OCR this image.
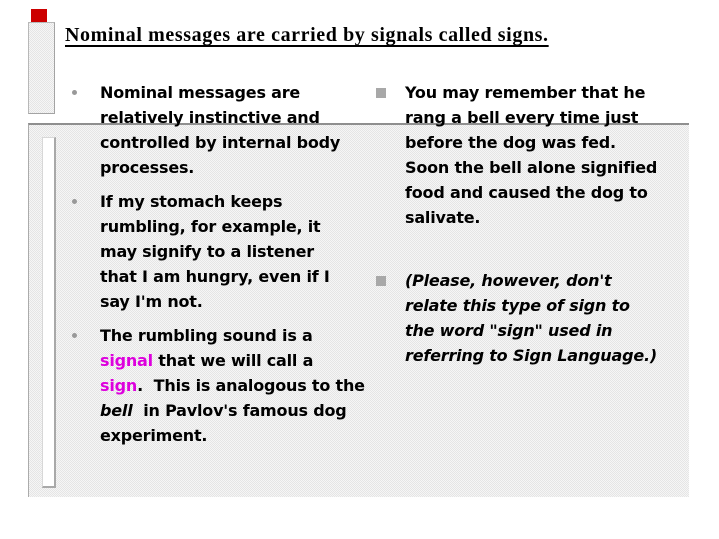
Nominal messages are carried by signals called signs.
Nominal messages are
relatively instinctive and
controlled by internal body
processes.
If my stomach keeps
rumbling, for example, it
may signify to a listener
that I am hungry, even if I
say I'm not.
The rumbling sound is a
signal that we will call a
sign.  This is analogous to the
bell  in Pavlov's famous dog
experiment.
You may remember that he
rang a bell every time just
before the dog was fed.
Soon the bell alone signified
food and caused the dog to
salivate.
(Please, however, don't
relate this type of sign to
the word "sign" used in
referring to Sign Language.)
